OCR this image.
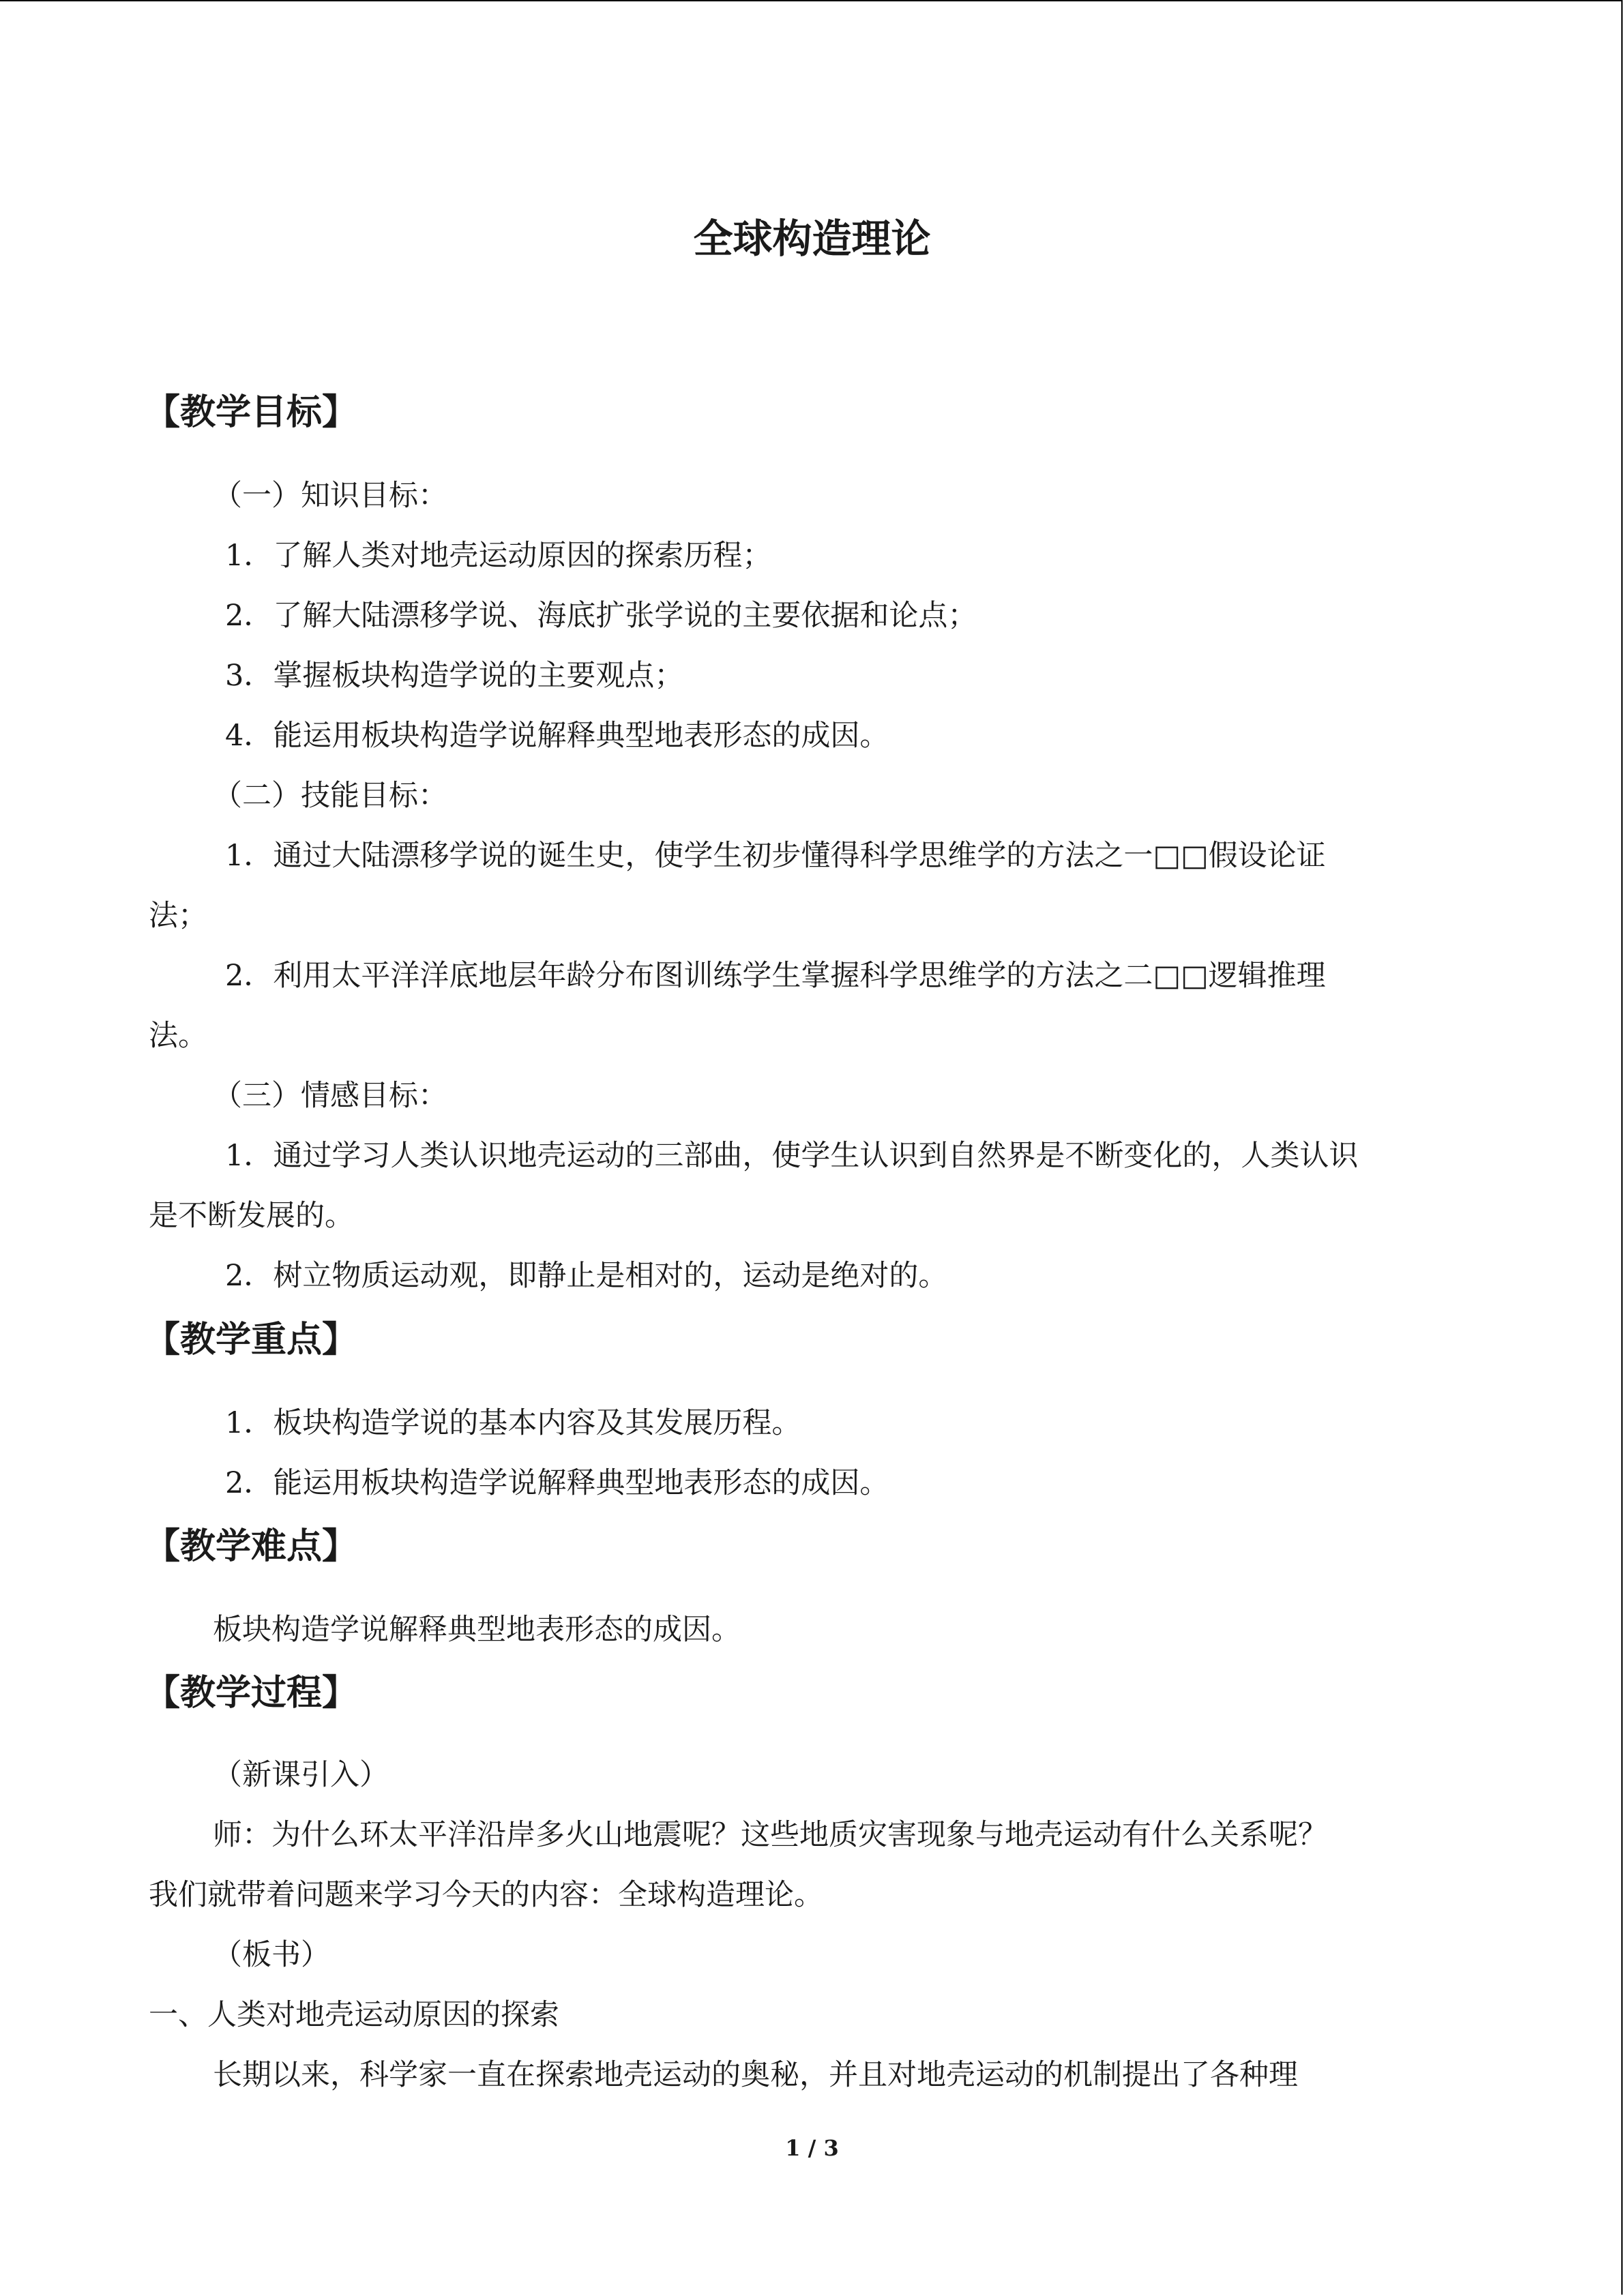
全球构造理论
【教学目标】
（一）知识目标：
1．了解人类对地壳运动原因的探索历程；
2．了解大陆漂移学说、海底扩张学说的主要依据和论点；
3．掌握板块构造学说的主要观点；
4．能运用板块构造学说解释典型地表形态的成因。
（二）技能目标：
1．通过大陆漂移学说的诞生史，使学生初步懂得科学思维学的方法之一□□假设论证
法；
2．利用太平洋洋底地层年龄分布图训练学生掌握科学思维学的方法之二□□逻辑推理
法。
（三）情感目标：
1．通过学习人类认识地壳运动的三部曲，使学生认识到自然界是不断变化的，人类认识
是不断发展的。
2．树立物质运动观，即静止是相对的，运动是绝对的。
【教学重点】
1．板块构造学说的基本内容及其发展历程。
2．能运用板块构造学说解释典型地表形态的成因。
【教学难点】
板块构造学说解释典型地表形态的成因。
【教学过程】
（新课引入）
师：为什么环太平洋沿岸多火山地震呢？这些地质灾害现象与地壳运动有什么关系呢？
我们就带着问题来学习今天的内容：全球构造理论。
（板书）
一、人类对地壳运动原因的探索
长期以来，科学家一直在探索地壳运动的奥秘，并且对地壳运动的机制提出了各种理
1 / 3
